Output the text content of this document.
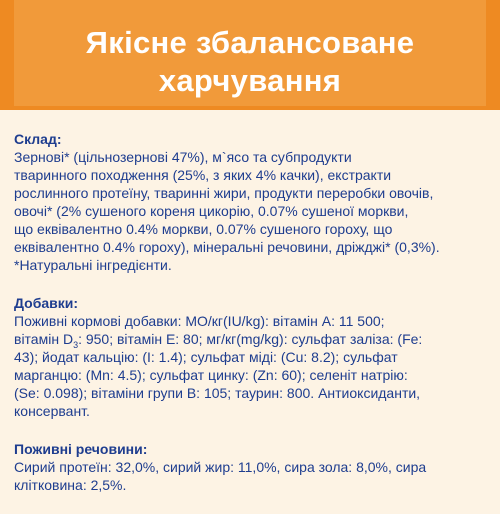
Якісне збалансоване
харчування
Склад:
Зернові* (цільнозернові 47%), м`ясо та субпродукти
тваринного походження (25%, з яких 4% качки), екстракти
рослинного протеїну, тваринні жири, продукти переробки овочів,
овочі* (2% сушеного кореня цикорію, 0.07% сушеної моркви,
що еквівалентно 0.4% моркви, 0.07% сушеного гороху, що
еквівалентно 0.4% гороху), мінеральні речовини, дріжджі* (0,3%).
*Натуральні інгредієнти.
Добавки:
Поживні кормові добавки: МО/кг(IU/kg): вітамін А: 11 500;
вітамін $D_3$: 950; вітамін Е: 80; мг/кг(mg/kg): сульфат заліза: (Fe:
43); йодат кальцію: (I: 1.4); сульфат міді: (Cu: 8.2); сульфат
марганцю: (Mn: 4.5); сульфат цинку: (Zn: 60); селеніт натрію:
(Se: 0.098); вітаміни групи В: 105; таурин: 800. Антиоксиданти,
консервант.
Поживні речовини:
Сирий протеїн: 32,0%, сирий жир: 11,0%, сира зола: 8,0%, сира
клітковина: 2,5%.
